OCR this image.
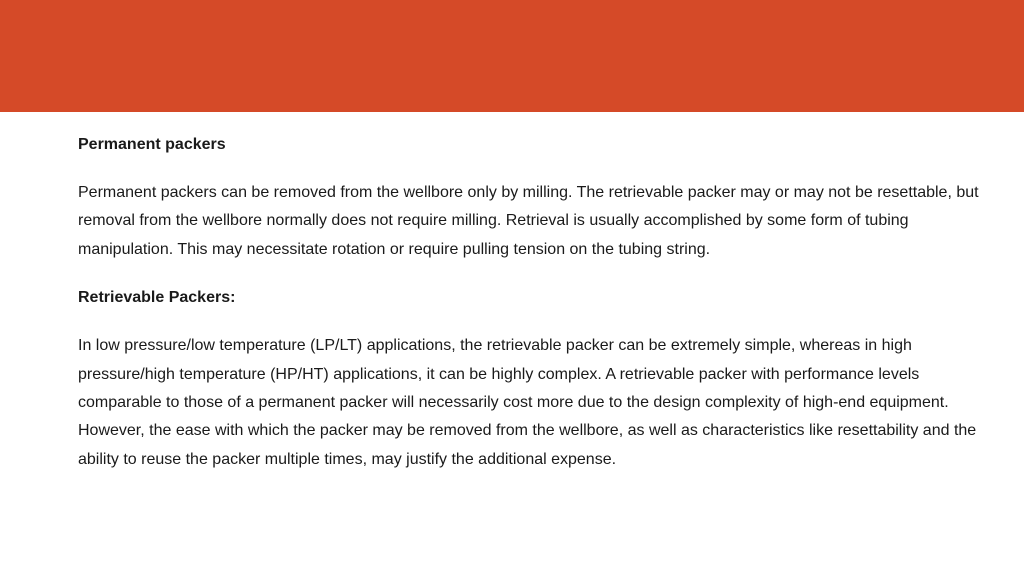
Permanent packers

Permanent packers can be removed from the wellbore only by milling. The retrievable packer may or may not be resettable, but removal from the wellbore normally does not require milling. Retrieval is usually accomplished by some form of tubing manipulation. This may necessitate rotation or require pulling tension on the tubing string.

Retrievable Packers:

In low pressure/low temperature (LP/LT) applications, the retrievable packer can be extremely simple, whereas in high pressure/high temperature (HP/HT) applications, it can be highly complex. A retrievable packer with performance levels comparable to those of a permanent packer will necessarily cost more due to the design complexity of high-end equipment. However, the ease with which the packer may be removed from the wellbore, as well as characteristics like resettability and the ability to reuse the packer multiple times, may justify the additional expense.
